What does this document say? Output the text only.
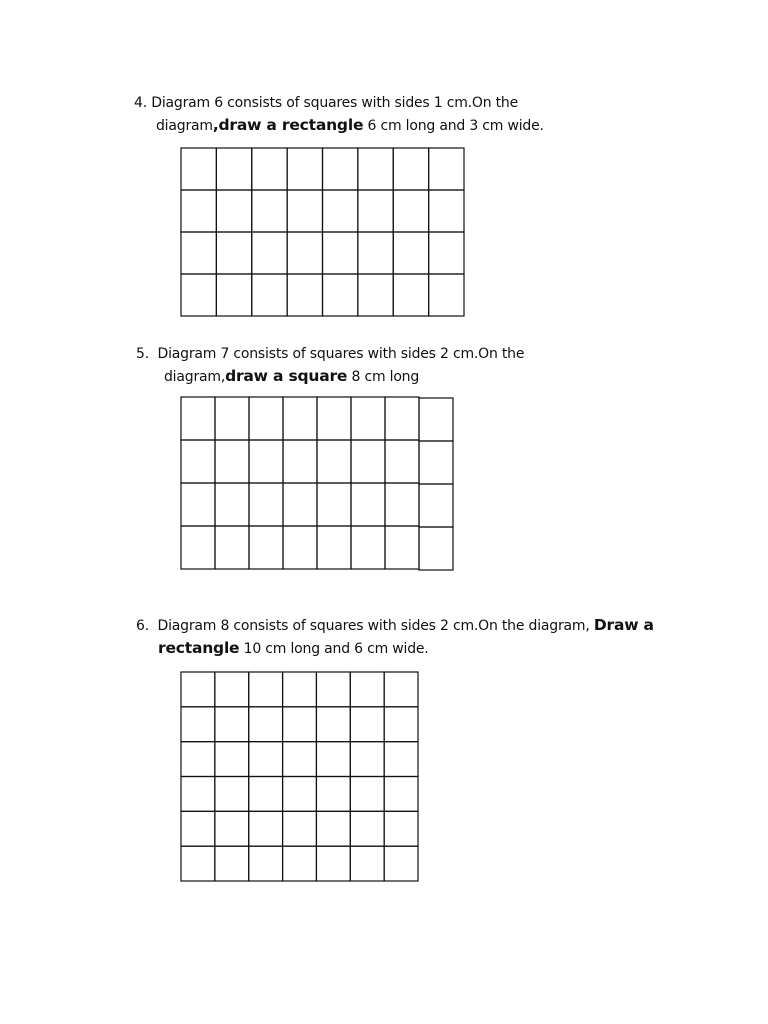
4. Diagram 6 consists of squares with sides 1 cm.On the
diagram,draw a rectangle 6 cm long and 3 cm wide.
5. Diagram 7 consists of squares with sides 2 cm.On the
diagram,draw a square 8 cm long
6. Diagram 8 consists of squares with sides 2 cm.On the diagram, Draw a
rectangle 10 cm long and 6 cm wide.
